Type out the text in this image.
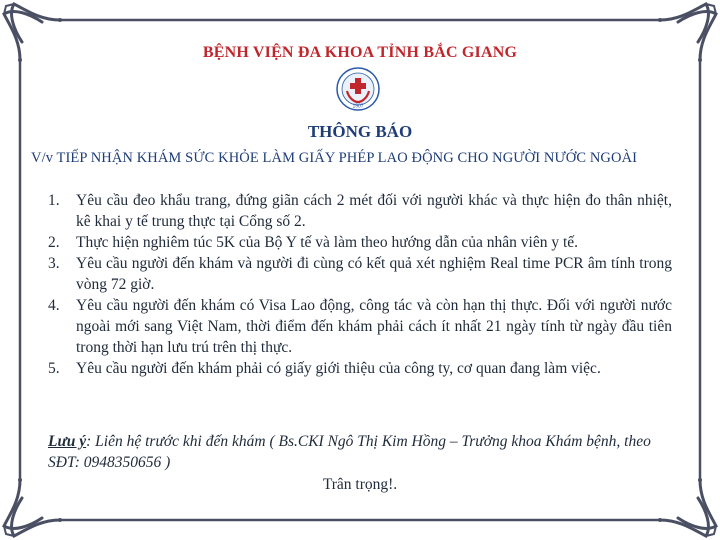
BỆNH VIỆN ĐA KHOA TỈNH BẮC GIANG
1907
THÔNG BÁO
V/v TIẾP NHẬN KHÁM SỨC KHỎE LÀM GIẤY PHÉP LAO ĐỘNG CHO NGƯỜI NƯỚC NGOÀI
1. Yêu cầu đeo khẩu trang, đứng giãn cách 2 mét đối với người khác và thực hiện đo thân nhiệt, kê khai y tế trung thực tại Cổng số 2.
2. Thực hiện nghiêm túc 5K của Bộ Y tế và làm theo hướng dẫn của nhân viên y tế.
3. Yêu cầu người đến khám và người đi cùng có kết quả xét nghiệm Real time PCR âm tính trong vòng 72 giờ.
4. Yêu cầu người đến khám có Visa Lao động, công tác và còn hạn thị thực. Đối với người nước ngoài mới sang Việt Nam, thời điểm đến khám phải cách ít nhất 21 ngày tính từ ngày đầu tiên trong thời hạn lưu trú trên thị thực.
5. Yêu cầu người đến khám phải có giấy giới thiệu của công ty, cơ quan đang làm việc.
Lưu ý: Liên hệ trước khi đến khám ( Bs.CKI Ngô Thị Kim Hồng – Trưởng khoa Khám bệnh, theo SĐT: 0948350656 )
Trân trọng!.
